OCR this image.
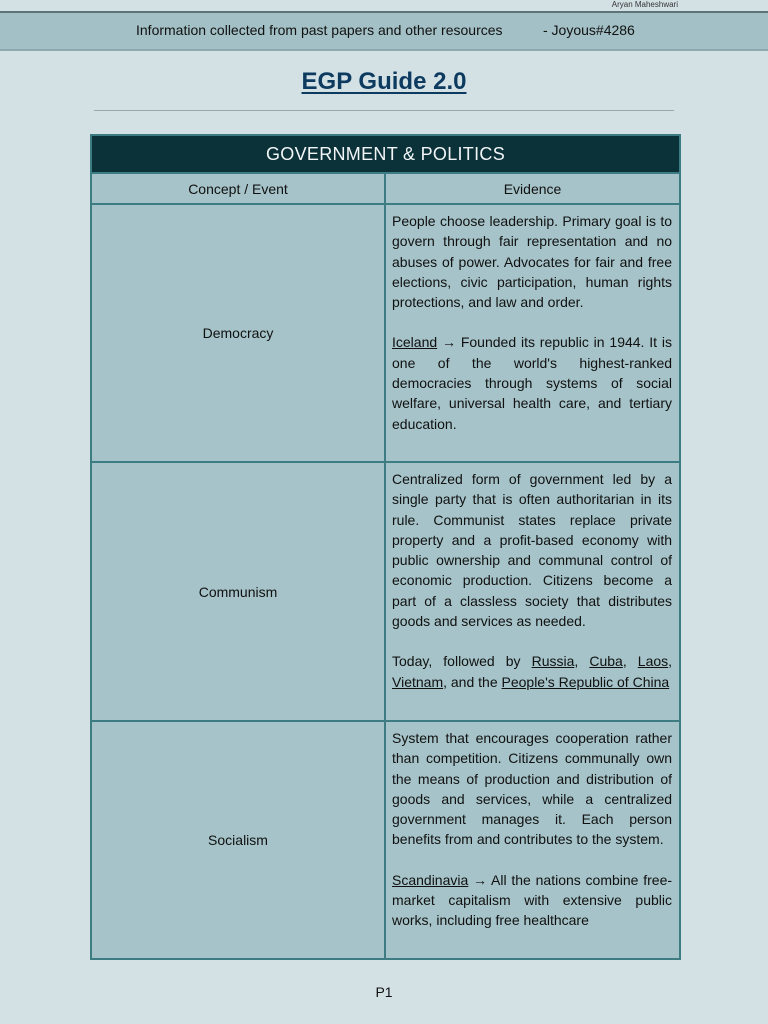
Aryan Maheshwari
Information collected from past papers and other resources	- Joyous#4286
EGP Guide 2.0
GOVERNMENT & POLITICS	
Concept / Event	Evidence
Democracy	People choose leadership. Primary goal is to govern through fair representation and no abuses of power. Advocates for fair and free elections, civic participation, human rights protections, and law and order.

Iceland → Founded its republic in 1944. It is one of the world's highest-ranked democracies through systems of social welfare, universal health care, and tertiary education.

Communism	Centralized form of government led by a single party that is often authoritarian in its rule. Communist states replace private property and a profit-based economy with public ownership and communal control of economic production. Citizens become a part of a classless society that distributes goods and services as needed.

Today, followed by Russia, Cuba, Laos, Vietnam, and the People's Republic of China

Socialism	System that encourages cooperation rather than competition. Citizens communally own the means of production and distribution of goods and services, while a centralized government manages it. Each person benefits from and contributes to the system.

Scandinavia → All the nations combine free-market capitalism with extensive public works, including free healthcare

P1
